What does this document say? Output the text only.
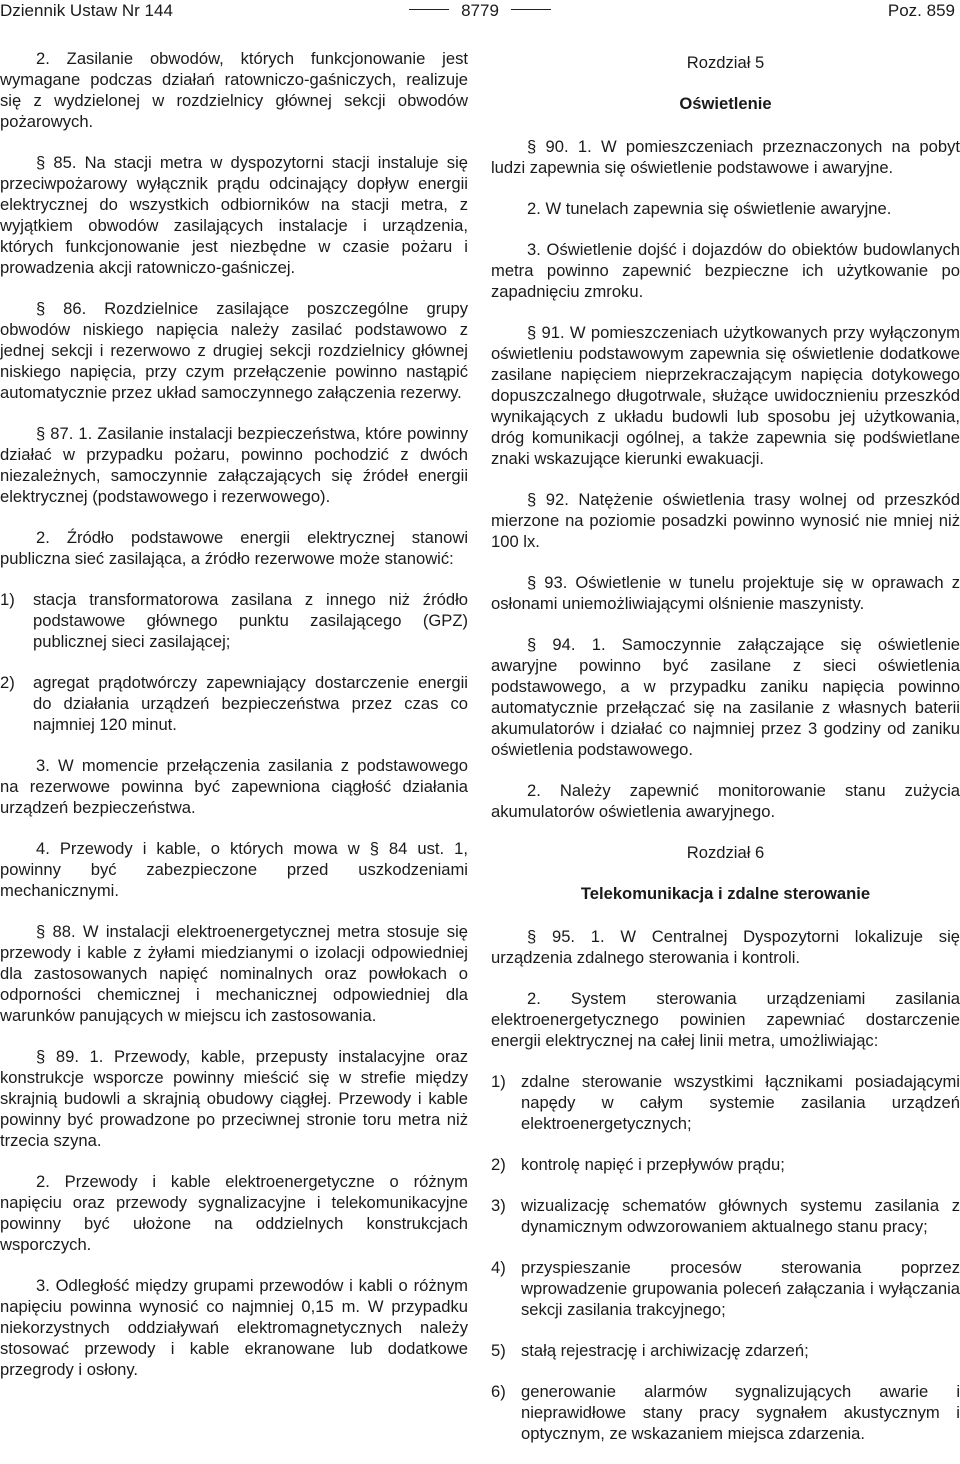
Dziennik Ustaw Nr 144	8779	Poz. 859

2. Zasilanie obwodów, których funkcjonowanie jest wymagane podczas działań ratowniczo-gaśniczych, realizuje się z wydzielonej w rozdzielnicy głównej sekcji obwodów pożarowych.

§ 85. Na stacji metra w dyspozytorni stacji instaluje się przeciwpożarowy wyłącznik prądu odcinający dopływ energii elektrycznej do wszystkich odbiorników na stacji metra, z wyjątkiem obwodów zasilających instalacje i urządzenia, których funkcjonowanie jest niezbędne w czasie pożaru i prowadzenia akcji ratowniczo-gaśniczej.

§ 86. Rozdzielnice zasilające poszczególne grupy obwodów niskiego napięcia należy zasilać podstawowo z jednej sekcji i rezerwowo z drugiej sekcji rozdzielnicy głównej niskiego napięcia, przy czym przełączenie powinno nastąpić automatycznie przez układ samoczynnego załączenia rezerwy.

§ 87. 1. Zasilanie instalacji bezpieczeństwa, które powinny działać w przypadku pożaru, powinno pochodzić z dwóch niezależnych, samoczynnie załączających się źródeł energii elektrycznej (podstawowego i rezerwowego).

2. Źródło podstawowe energii elektrycznej stanowi publiczna sieć zasilająca, a źródło rezerwowe może stanowić:

1) stacja transformatorowa zasilana z innego niż źródło podstawowe głównego punktu zasilającego (GPZ) publicznej sieci zasilającej;
2) agregat prądotwórczy zapewniający dostarczenie energii do działania urządzeń bezpieczeństwa przez czas co najmniej 120 minut.

3. W momencie przełączenia zasilania z podstawowego na rezerwowe powinna być zapewniona ciągłość działania urządzeń bezpieczeństwa.

4. Przewody i kable, o których mowa w § 84 ust. 1, powinny być zabezpieczone przed uszkodzeniami mechanicznymi.

§ 88. W instalacji elektroenergetycznej metra stosuje się przewody i kable z żyłami miedzianymi o izolacji odpowiedniej dla zastosowanych napięć nominalnych oraz powłokach o odporności chemicznej i mechanicznej odpowiedniej dla warunków panujących w miejscu ich zastosowania.

§ 89. 1. Przewody, kable, przepusty instalacyjne oraz konstrukcje wsporcze powinny mieścić się w strefie między skrajnią budowli a skrajnią obudowy ciągłej. Przewody i kable powinny być prowadzone po przeciwnej stronie toru metra niż trzecia szyna.

2. Przewody i kable elektroenergetyczne o różnym napięciu oraz przewody sygnalizacyjne i telekomunikacyjne powinny być ułożone na oddzielnych konstrukcjach wsporczych.

3. Odległość między grupami przewodów i kabli o różnym napięciu powinna wynosić co najmniej 0,15 m. W przypadku niekorzystnych oddziaływań elektromagnetycznych należy stosować przewody i kable ekranowane lub dodatkowe przegrody i osłony.

Rozdział 5
Oświetlenie

§ 90. 1. W pomieszczeniach przeznaczonych na pobyt ludzi zapewnia się oświetlenie podstawowe i awaryjne.

2. W tunelach zapewnia się oświetlenie awaryjne.

3. Oświetlenie dojść i dojazdów do obiektów budowlanych metra powinno zapewnić bezpieczne ich użytkowanie po zapadnięciu zmroku.

§ 91. W pomieszczeniach użytkowanych przy wyłączonym oświetleniu podstawowym zapewnia się oświetlenie dodatkowe zasilane napięciem nieprzekraczającym napięcia dotykowego dopuszczalnego długotrwale, służące uwidocznieniu przeszkód wynikających z układu budowli lub sposobu jej użytkowania, dróg komunikacji ogólnej, a także zapewnia się podświetlane znaki wskazujące kierunki ewakuacji.

§ 92. Natężenie oświetlenia trasy wolnej od przeszkód mierzone na poziomie posadzki powinno wynosić nie mniej niż 100 lx.

§ 93. Oświetlenie w tunelu projektuje się w oprawach z osłonami uniemożliwiającymi olśnienie maszynisty.

§ 94. 1. Samoczynnie załączające się oświetlenie awaryjne powinno być zasilane z sieci oświetlenia podstawowego, a w przypadku zaniku napięcia powinno automatycznie przełączać się na zasilanie z własnych baterii akumulatorów i działać co najmniej przez 3 godziny od zaniku oświetlenia podstawowego.

2. Należy zapewnić monitorowanie stanu zużycia akumulatorów oświetlenia awaryjnego.

Rozdział 6
Telekomunikacja i zdalne sterowanie

§ 95. 1. W Centralnej Dyspozytorni lokalizuje się urządzenia zdalnego sterowania i kontroli.

2. System sterowania urządzeniami zasilania elektroenergetycznego powinien zapewniać dostarczenie energii elektrycznej na całej linii metra, umożliwiając:

1) zdalne sterowanie wszystkimi łącznikami posiadającymi napędy w całym systemie zasilania urządzeń elektroenergetycznych;
2) kontrolę napięć i przepływów prądu;
3) wizualizację schematów głównych systemu zasilania z dynamicznym odwzorowaniem aktualnego stanu pracy;
4) przyspieszanie procesów sterowania poprzez wprowadzenie grupowania poleceń załączania i wyłączania sekcji zasilania trakcyjnego;
5) stałą rejestrację i archiwizację zdarzeń;
6) generowanie alarmów sygnalizujących awarie i nieprawidłowe stany pracy sygnałem akustycznym i optycznym, ze wskazaniem miejsca zdarzenia.
